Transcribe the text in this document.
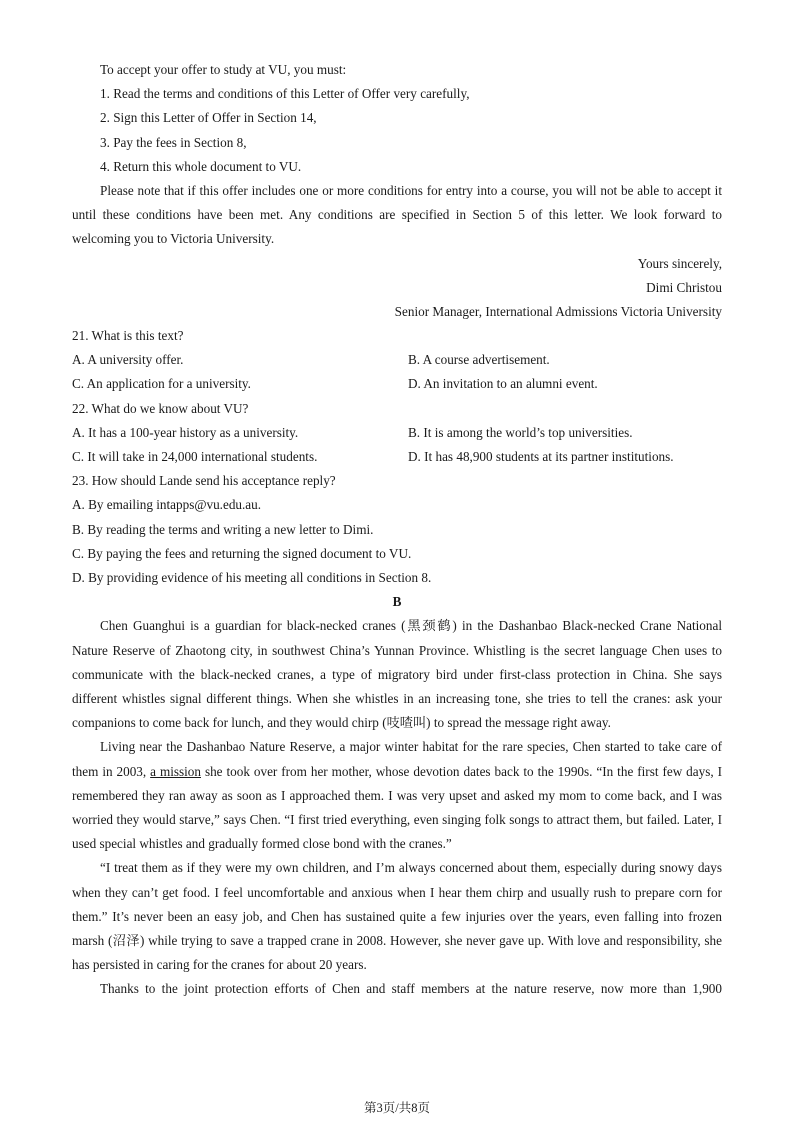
To accept your offer to study at VU, you must:
1. Read the terms and conditions of this Letter of Offer very carefully,
2. Sign this Letter of Offer in Section 14,
3. Pay the fees in Section 8,
4. Return this whole document to VU.

Please note that if this offer includes one or more conditions for entry into a course, you will not be able to accept it until these conditions have been met. Any conditions are specified in Section 5 of this letter. We look forward to welcoming you to Victoria University.

Yours sincerely,
Dimi Christou
Senior Manager, International Admissions Victoria University
21. What is this text?
A. A university offer.	B. A course advertisement.
C. An application for a university.	D. An invitation to an alumni event.
22. What do we know about VU?
A. It has a 100-year history as a university.	B. It is among the world’s top universities.
C. It will take in 24,000 international students.	D. It has 48,900 students at its partner institutions.
23. How should Lande send his acceptance reply?
A. By emailing intapps@vu.edu.au.
B. By reading the terms and writing a new letter to Dimi.
C. By paying the fees and returning the signed document to VU.
D. By providing evidence of his meeting all conditions in Section 8.
B

Chen Guanghui is a guardian for black-necked cranes (黑颈鹤) in the Dashanbao Black-necked Crane National Nature Reserve of Zhaotong city, in southwest China’s Yunnan Province. Whistling is the secret language Chen uses to communicate with the black-necked cranes, a type of migratory bird under first-class protection in China. She says different whistles signal different things. When she whistles in an increasing tone, she tries to tell the cranes: ask your companions to come back for lunch, and they would chirp (吱喳叫) to spread the message right away.

Living near the Dashanbao Nature Reserve, a major winter habitat for the rare species, Chen started to take care of them in 2003, a mission she took over from her mother, whose devotion dates back to the 1990s. “In the first few days, I remembered they ran away as soon as I approached them. I was very upset and asked my mom to come back, and I was worried they would starve,” says Chen. “I first tried everything, even singing folk songs to attract them, but failed. Later, I used special whistles and gradually formed close bond with the cranes.”

“I treat them as if they were my own children, and I’m always concerned about them, especially during snowy days when they can’t get food. I feel uncomfortable and anxious when I hear them chirp and usually rush to prepare corn for them.” It’s never been an easy job, and Chen has sustained quite a few injuries over the years, even falling into frozen marsh (沼泽) while trying to save a trapped crane in 2008. However, she never gave up. With love and responsibility, she has persisted in caring for the cranes for about 20 years.

Thanks to the joint protection efforts of Chen and staff members at the nature reserve, now more than 1,900

第3页/共8页
